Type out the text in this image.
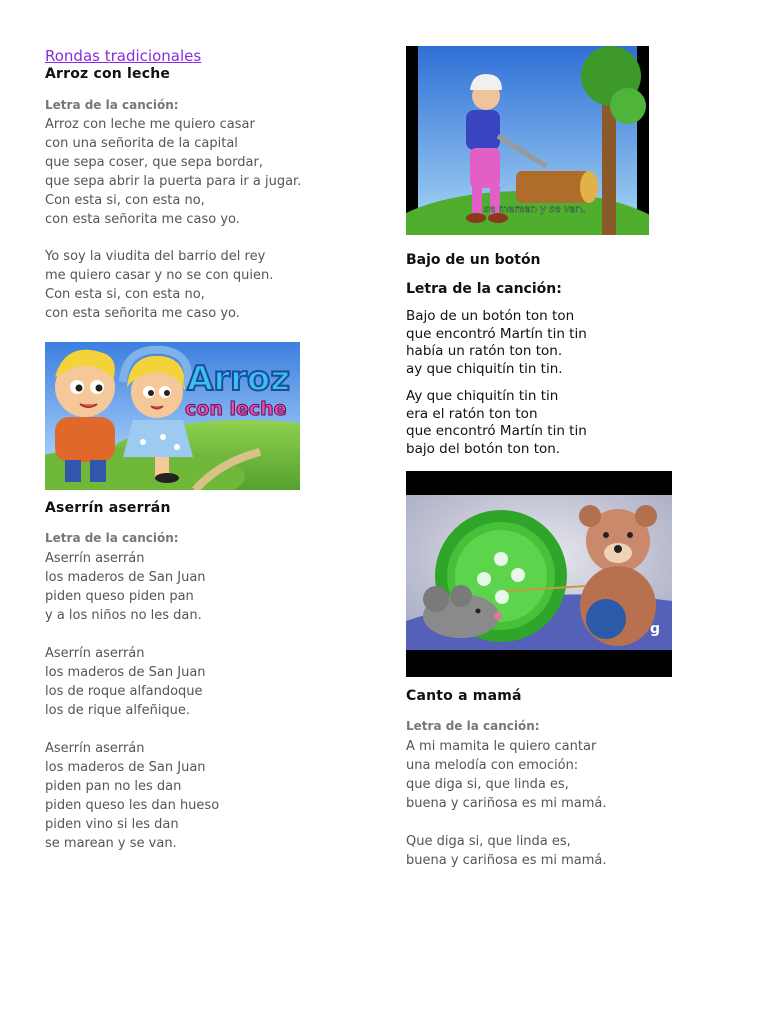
Rondas tradicionales
Arroz con leche
Letra de la canción:
Arroz con leche me quiero casar
con una señorita de la capital
que sepa coser, que sepa bordar,
que sepa abrir la puerta para ir a jugar.
Con esta si, con esta no,
con esta señorita me caso yo.
Yo soy la viudita del barrio del rey
me quiero casar y no se con quien.
Con esta si, con esta no,
con esta señorita me caso yo.
Arroz
con leche
Aserrín aserrán
Letra de la canción:
Aserrín aserrán
los maderos de San Juan
piden queso piden pan
y a los niños no les dan.
Aserrín aserrán
los maderos de San Juan
los de roque alfandoque
los de rique alfeñique.
Aserrín aserrán
los maderos de San Juan
piden pan no les dan
piden queso les dan hueso
piden vino si les dan
se marean y se van.
se marean y se van.
Bajo de un botón
Letra de la canción:
Bajo de un botón ton ton
que encontró Martín tin tin
había un ratón ton ton.
ay que chiquitín tin tin.
Ay que chiquitín tin tin
era el ratón ton ton
que encontró Martín tin tin
bajo del botón ton ton.
g
Canto a mamá
Letra de la canción:
A mi mamita le quiero cantar
una melodía con emoción:
que diga si, que linda es,
buena y cariñosa es mi mamá.
Que diga si, que linda es,
buena y cariñosa es mi mamá.
